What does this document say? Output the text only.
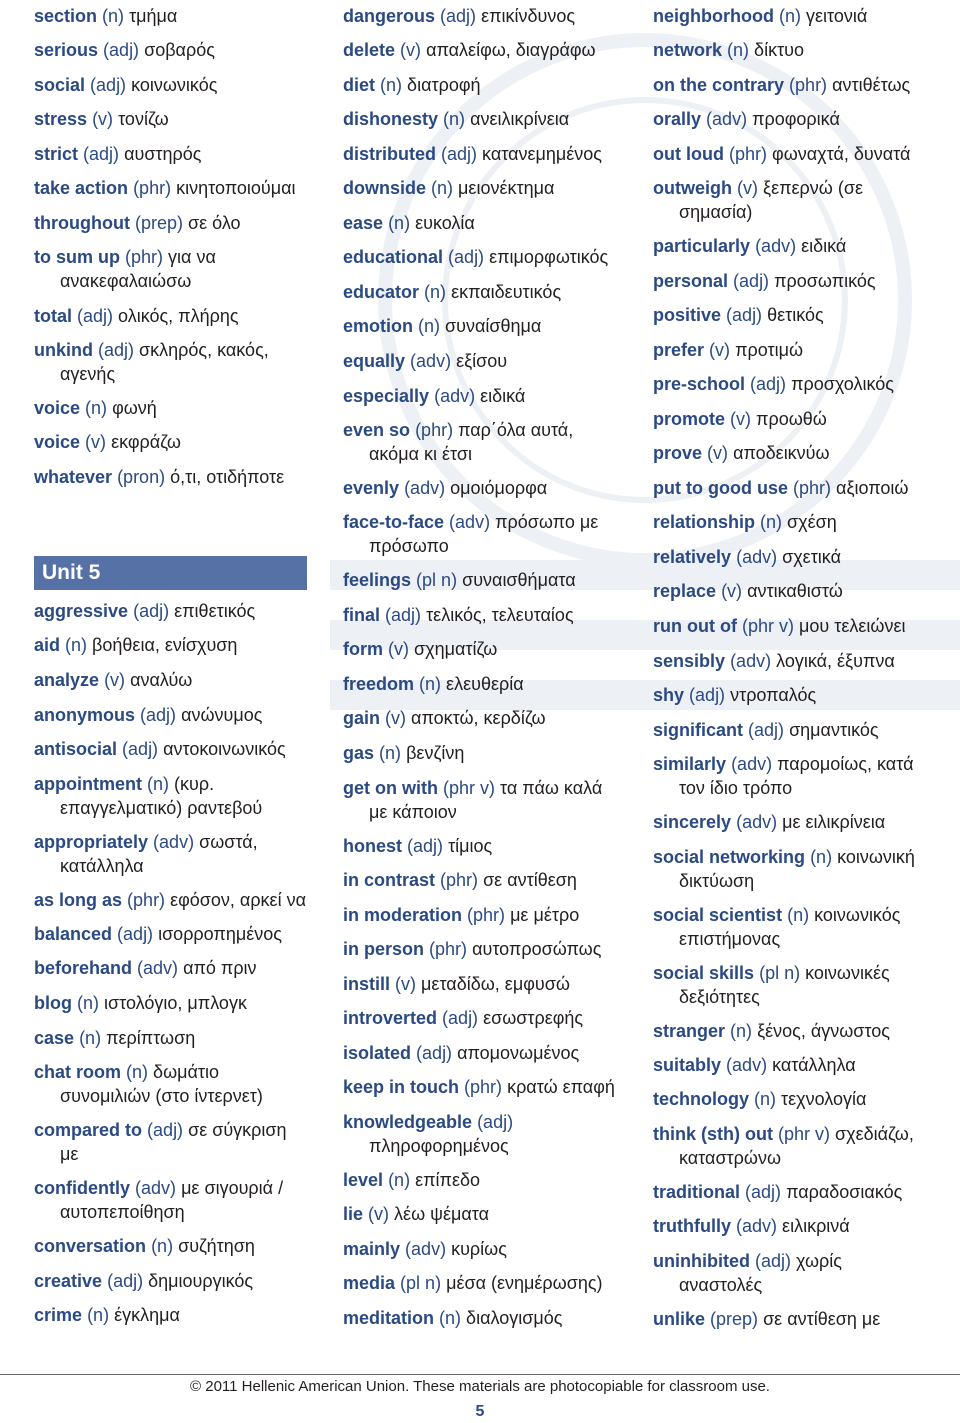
section (n) τμήμα
serious (adj) σοβαρός
social (adj) κοινωνικός
stress (v) τονίζω
strict (adj) αυστηρός
take action (phr) κινητοποιούμαι
throughout (prep) σε όλο
to sum up (phr) για να
ανακεφαλαιώσω
total (adj) ολικός, πλήρης
unkind (adj) σκληρός, κακός,
αγενής
voice (n) φωνή
voice (v) εκφράζω
whatever (pron) ό,τι, οτιδήποτε
aggressive (adj) επιθετικός
aid (n) βοήθεια, ενίσχυση
analyze (v) αναλύω
anonymous (adj) ανώνυμος
antisocial (adj) αντοκοινωνικός
appointment (n) (κυρ.
επαγγελματικό) ραντεβού
appropriately (adv) σωστά,
κατάλληλα
as long as (phr) εφόσον, αρκεί να
balanced (adj) ισορροπημένος
beforehand (adv) από πριν
blog (n) ιστολόγιο, μπλογκ
case (n) περίπτωση
chat room (n) δωμάτιο
συνομιλιών (στο ίντερνετ)
compared to (adj) σε σύγκριση
με
confidently (adv) με σιγουριά /
αυτοπεποίθηση
conversation (n) συζήτηση
creative (adj) δημιουργικός
crime (n) έγκλημα
dangerous (adj) επικίνδυνος
delete (v) απαλείφω, διαγράφω
diet (n) διατροφή
dishonesty (n) ανειλικρίνεια
distributed (adj) κατανεμημένος
downside (n) μειονέκτημα
ease (n) ευκολία
educational (adj) επιμορφωτικός
educator (n) εκπαιδευτικός
emotion (n) συναίσθημα
equally (adv) εξίσου
especially (adv) ειδικά
even so (phr) παρ΄όλα αυτά,
ακόμα κι έτσι
evenly (adv) ομοιόμορφα
face-to-face (adv) πρόσωπο με
πρόσωπο
feelings (pl n) συναισθήματα
final (adj) τελικός, τελευταίος
form (v) σχηματίζω
freedom (n) ελευθερία
gain (v) αποκτώ, κερδίζω
gas (n) βενζίνη
get on with (phr v) τα πάω καλά
με κάποιον
honest (adj) τίμιος
in contrast (phr) σε αντίθεση
in moderation (phr) με μέτρο
in person (phr) αυτοπροσώπως
instill (v) μεταδίδω, εμφυσώ
introverted (adj) εσωστρεφής
isolated (adj) απομονωμένος
keep in touch (phr) κρατώ επαφή
knowledgeable (adj)
πληροφορημένος
level (n) επίπεδο
lie (v) λέω ψέματα
mainly (adv) κυρίως
media (pl n) μέσα (ενημέρωσης)
meditation (n) διαλογισμός
neighborhood (n) γειτονιά
network (n) δίκτυο
on the contrary (phr) αντιθέτως
orally (adv) προφορικά
out loud (phr) φωναχτά, δυνατά
outweigh (v) ξεπερνώ (σε
σημασία)
particularly (adv) ειδικά
personal (adj) προσωπικός
positive (adj) θετικός
prefer (v) προτιμώ
pre-school (adj) προσχολικός
promote (v) προωθώ
prove (v) αποδεικνύω
put to good use (phr) αξιοποιώ
relationship (n) σχέση
relatively (adv) σχετικά
replace (v) αντικαθιστώ
run out of (phr v) μου τελειώνει
sensibly (adv) λογικά, έξυπνα
shy (adj) ντροπαλός
significant (adj) σημαντικός
similarly (adv) παρομοίως, κατά
τον ίδιο τρόπο
sincerely (adv) με ειλικρίνεια
social networking (n) κοινωνική
δικτύωση
social scientist (n) κοινωνικός
επιστήμονας
social skills (pl n) κοινωνικές
δεξιότητες
stranger (n) ξένος, άγνωστος
suitably (adv) κατάλληλα
technology (n) τεχνολογία
think (sth) out (phr v) σχεδιάζω,
καταστρώνω
traditional (adj) παραδοσιακός
truthfully (adv) ειλικρινά
uninhibited (adj) χωρίς
αναστολές
unlike (prep) σε αντίθεση με
Unit 5
© 2011 Hellenic American Union. These materials are photocopiable for classroom use.
5
